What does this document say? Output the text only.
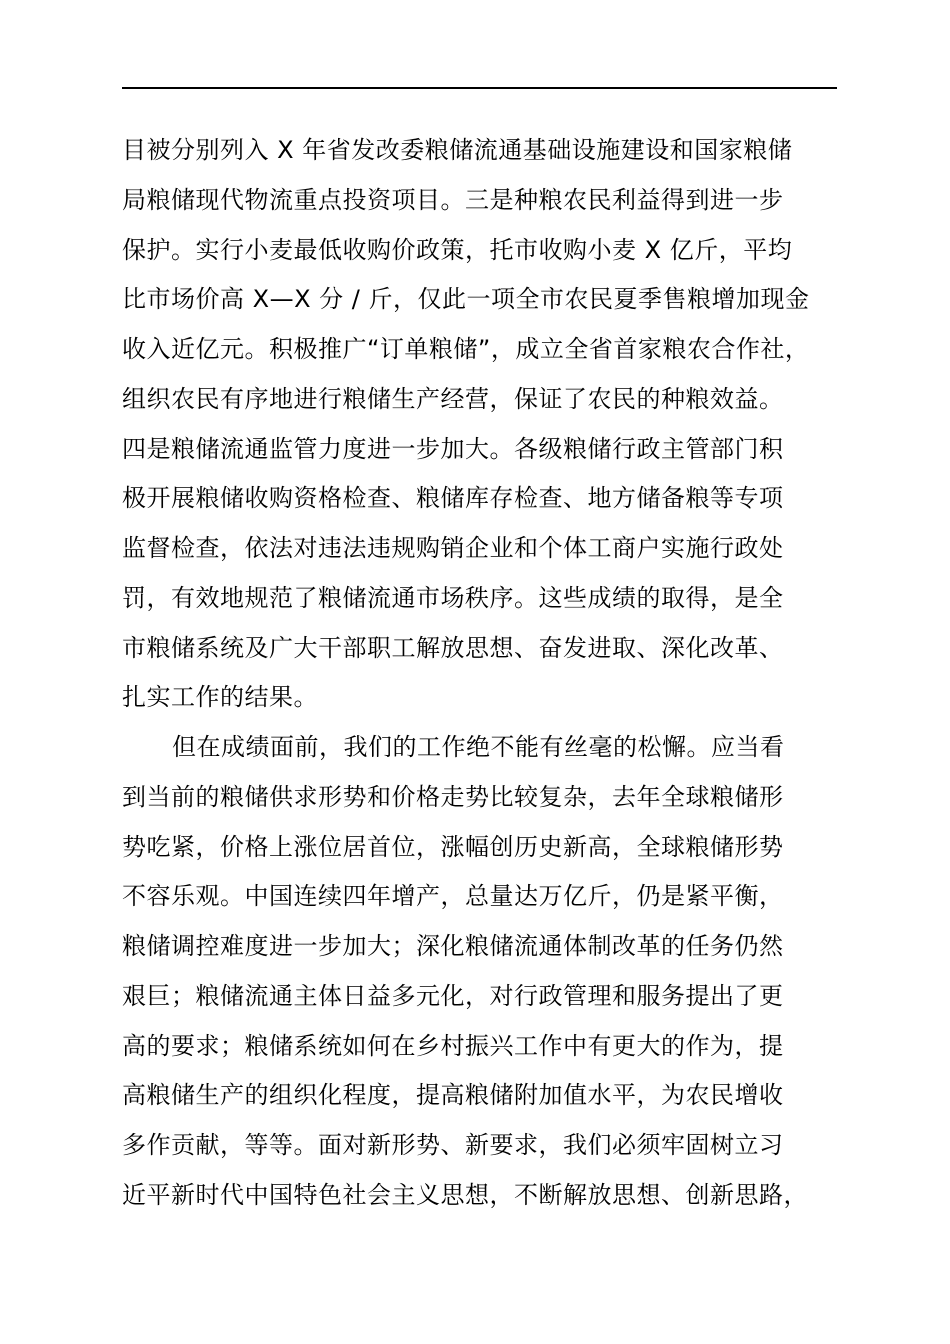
目被分别列入 X 年省发改委粮储流通基础设施建设和国家粮储
局粮储现代物流重点投资项目。三是种粮农民利益得到进一步
保护。实行小麦最低收购价政策，托市收购小麦 X 亿斤，平均
比市场价高 X—X 分 / 斤，仅此一项全市农民夏季售粮增加现金
收入近亿元。积极推广“订单粮储”，成立全省首家粮农合作社，
组织农民有序地进行粮储生产经营，保证了农民的种粮效益。
四是粮储流通监管力度进一步加大。各级粮储行政主管部门积
极开展粮储收购资格检查、粮储库存检查、地方储备粮等专项
监督检查，依法对违法违规购销企业和个体工商户实施行政处
罚，有效地规范了粮储流通市场秩序。这些成绩的取得，是全
市粮储系统及广大干部职工解放思想、奋发进取、深化改革、
扎实工作的结果。
但在成绩面前，我们的工作绝不能有丝毫的松懈。应当看
到当前的粮储供求形势和价格走势比较复杂，去年全球粮储形
势吃紧，价格上涨位居首位，涨幅创历史新高，全球粮储形势
不容乐观。中国连续四年增产，总量达万亿斤，仍是紧平衡，
粮储调控难度进一步加大；深化粮储流通体制改革的任务仍然
艰巨；粮储流通主体日益多元化，对行政管理和服务提出了更
高的要求；粮储系统如何在乡村振兴工作中有更大的作为，提
高粮储生产的组织化程度，提高粮储附加值水平，为农民增收
多作贡献，等等。面对新形势、新要求，我们必须牢固树立习
近平新时代中国特色社会主义思想，不断解放思想、创新思路，
